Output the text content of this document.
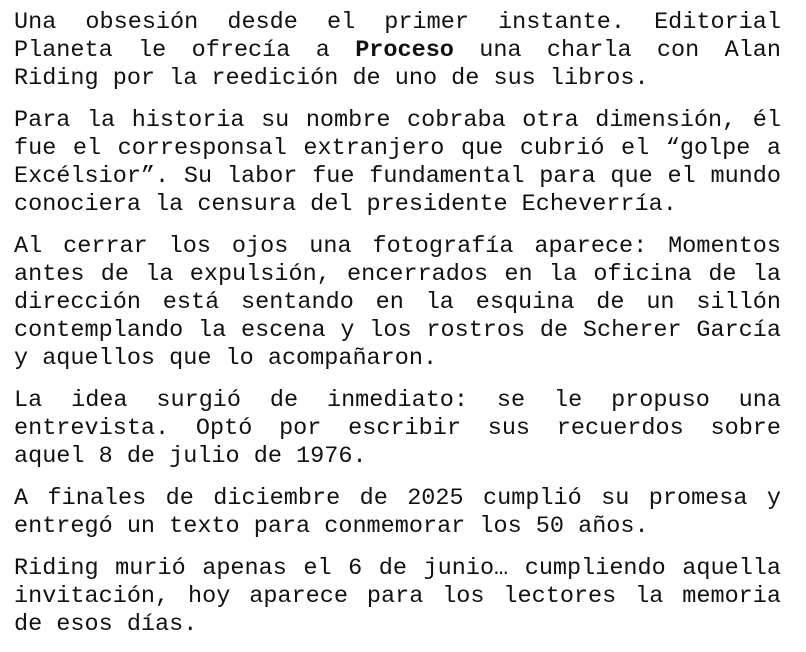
Una obsesión desde el primer instante. Editorial Planeta le ofrecía a Proceso una charla con Alan Riding por la reedición de uno de sus libros.

Para la historia su nombre cobraba otra dimensión, él fue el corresponsal extranjero que cubrió el “golpe a Excélsior”. Su labor fue fundamental para que el mundo conociera la censura del presidente Echeverría.

Al cerrar los ojos una fotografía aparece: Momentos antes de la expulsión, encerrados en la oficina de la dirección está sentando en la esquina de un sillón contemplando la escena y los rostros de Scherer García y aquellos que lo acompañaron.

La idea surgió de inmediato: se le propuso una entrevista. Optó por escribir sus recuerdos sobre aquel 8 de julio de 1976.

A finales de diciembre de 2025 cumplió su promesa y entregó un texto para conmemorar los 50 años.

Riding murió apenas el 6 de junio… cumpliendo aquella invitación, hoy aparece para los lectores la memoria de esos días.
